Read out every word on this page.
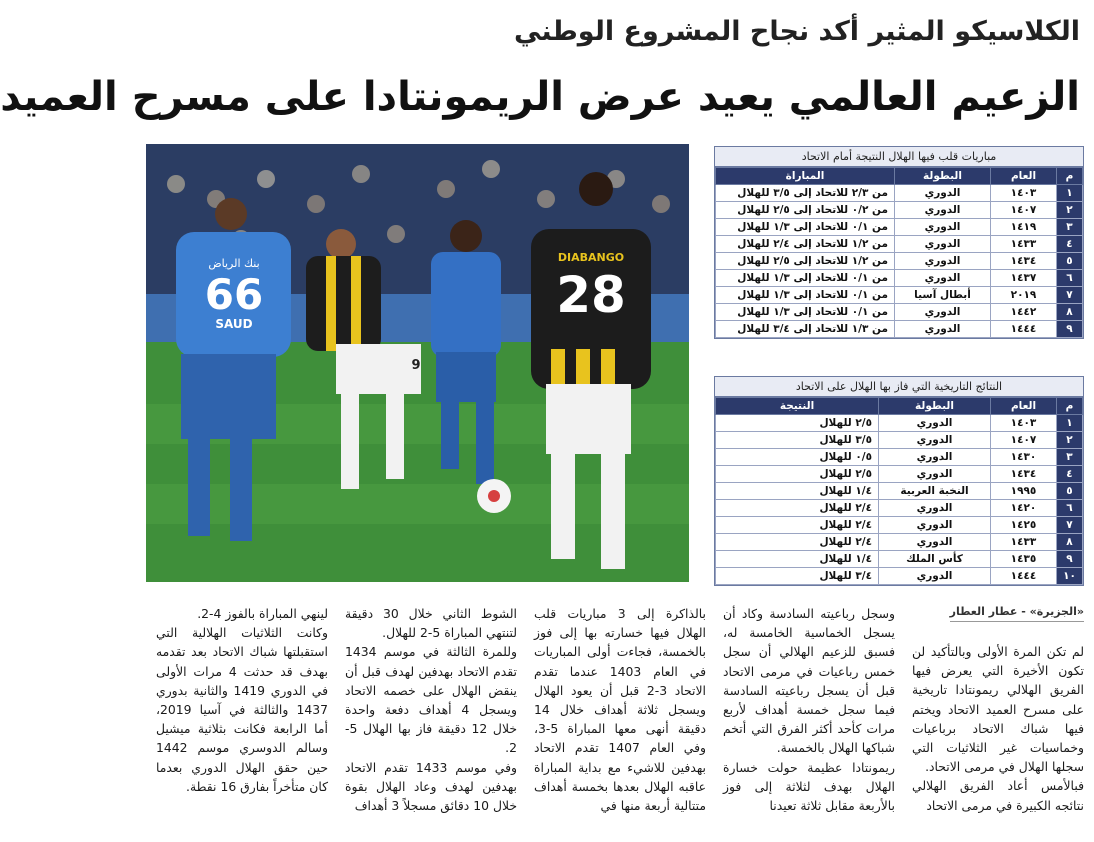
الكلاسيكو المثير أكد نجاح المشروع الوطني
الزعيم العالمي يعيد عرض الريمونتادا على مسرح العميد
بنك الرياض
66
SAUD
9
DIABANGO
28
مباريات قلب فيها الهلال النتيجة أمام الاتحاد
م	العام	البطولة	المباراة
١	١٤٠٣	الدوري	من ٢/٣ للاتحاد إلى ٣/٥ للهلال
٢	١٤٠٧	الدوري	من ٠/٢ للاتحاد إلى ٢/٥ للهلال
٣	١٤١٩	الدوري	من ٠/١ للاتحاد إلى ١/٣ للهلال
٤	١٤٣٣	الدوري	من ١/٢ للاتحاد إلى ٢/٤ للهلال
٥	١٤٣٤	الدوري	من ١/٢ للاتحاد إلى ٢/٥ للهلال
٦	١٤٣٧	الدوري	من ٠/١ للاتحاد إلى ١/٣ للهلال
٧	٢٠١٩	أبطال آسيا	من ٠/١ للاتحاد إلى ١/٣ للهلال
٨	١٤٤٢	الدوري	من ٠/١ للاتحاد إلى ١/٣ للهلال
٩	١٤٤٤	الدوري	من ١/٣ للاتحاد إلى ٣/٤ للهلال
النتائج التاريخية التي فاز بها الهلال على الاتحاد
م	العام	البطولة	النتيجة
١	١٤٠٣	الدوري	٢/٥ للهلال
٢	١٤٠٧	الدوري	٣/٥ للهلال
٣	١٤٣٠	الدوري	٠/٥ للهلال
٤	١٤٣٤	الدوري	٢/٥ للهلال
٥	١٩٩٥	النخبة العربية	١/٤ للهلال
٦	١٤٢٠	الدوري	٢/٤ للهلال
٧	١٤٢٥	الدوري	٢/٤ للهلال
٨	١٤٣٣	الدوري	٢/٤ للهلال
٩	١٤٣٥	كأس الملك	١/٤ للهلال
١٠	١٤٤٤	الدوري	٣/٤ للهلال
«الجزيرة» - عطار العطار

لم تكن المرة الأولى وبالتأكيد لن تكون الأخيرة التي يعرض فيها الفريق الهلالي ريمونتادا تاريخية على مسرح العميد الاتحاد ويختم فيها شباك الاتحاد برباعيات وخماسيات غير الثلاثيات التي سجلها الهلال في مرمى الاتحاد.

فبالأمس أعاد الفريق الهلالي نتائجه الكبيرة في مرمى الاتحاد

وسجل رباعيته السادسة وكاد أن يسجل الخماسية الخامسة له، فسبق للزعيم الهلالي أن سجل خمس رباعيات في مرمى الاتحاد قبل أن يسجل رباعيته السادسة فيما سجل خمسة أهداف لأربع مرات كأحد أكثر الفرق التي أتخم شباكها الهلال بالخمسة.

ريمونتادا عظيمة حولت خسارة الهلال بهدف لثلاثة إلى فوز بالأربعة مقابل ثلاثة تعيدنا

بالذاكرة إلى 3 مباريات قلب الهلال فيها خسارته بها إلى فوز بالخمسة، فجاءت أولى المباريات في العام 1403 عندما تقدم الاتحاد 3-2 قبل أن يعود الهلال ويسجل ثلاثة أهداف خلال 14 دقيقة أنهى معها المباراة 5-3، وفي العام 1407 تقدم الاتحاد بهدفين للاشيء مع بداية المباراة عاقبه الهلال بعدها بخمسة أهداف متتالية أربعة منها في

الشوط الثاني خلال 30 دقيقة لتنتهي المباراة 5-2 للهلال.

وللمرة الثالثة في موسم 1434 تقدم الاتحاد بهدفين لهدف قبل أن ينقض الهلال على خصمه الاتحاد ويسجل 4 أهداف دفعة واحدة خلال 12 دقيقة فاز بها الهلال 5-2.

وفي موسم 1433 تقدم الاتحاد بهدفين لهدف وعاد الهلال بقوة خلال 10 دقائق مسجلاً 3 أهداف

لينهي المباراة بالفوز 4-2.

وكانت الثلاثيات الهلالية التي استقبلتها شباك الاتحاد بعد تقدمه بهدف قد حدثت 4 مرات الأولى في الدوري 1419 والثانية بدوري 1437 والثالثة في آسيا 2019، أما الرابعة فكانت بثلاثية ميشيل وسالم الدوسري موسم 1442 حين حقق الهلال الدوري بعدما كان متأخراً بفارق 16 نقطة.
